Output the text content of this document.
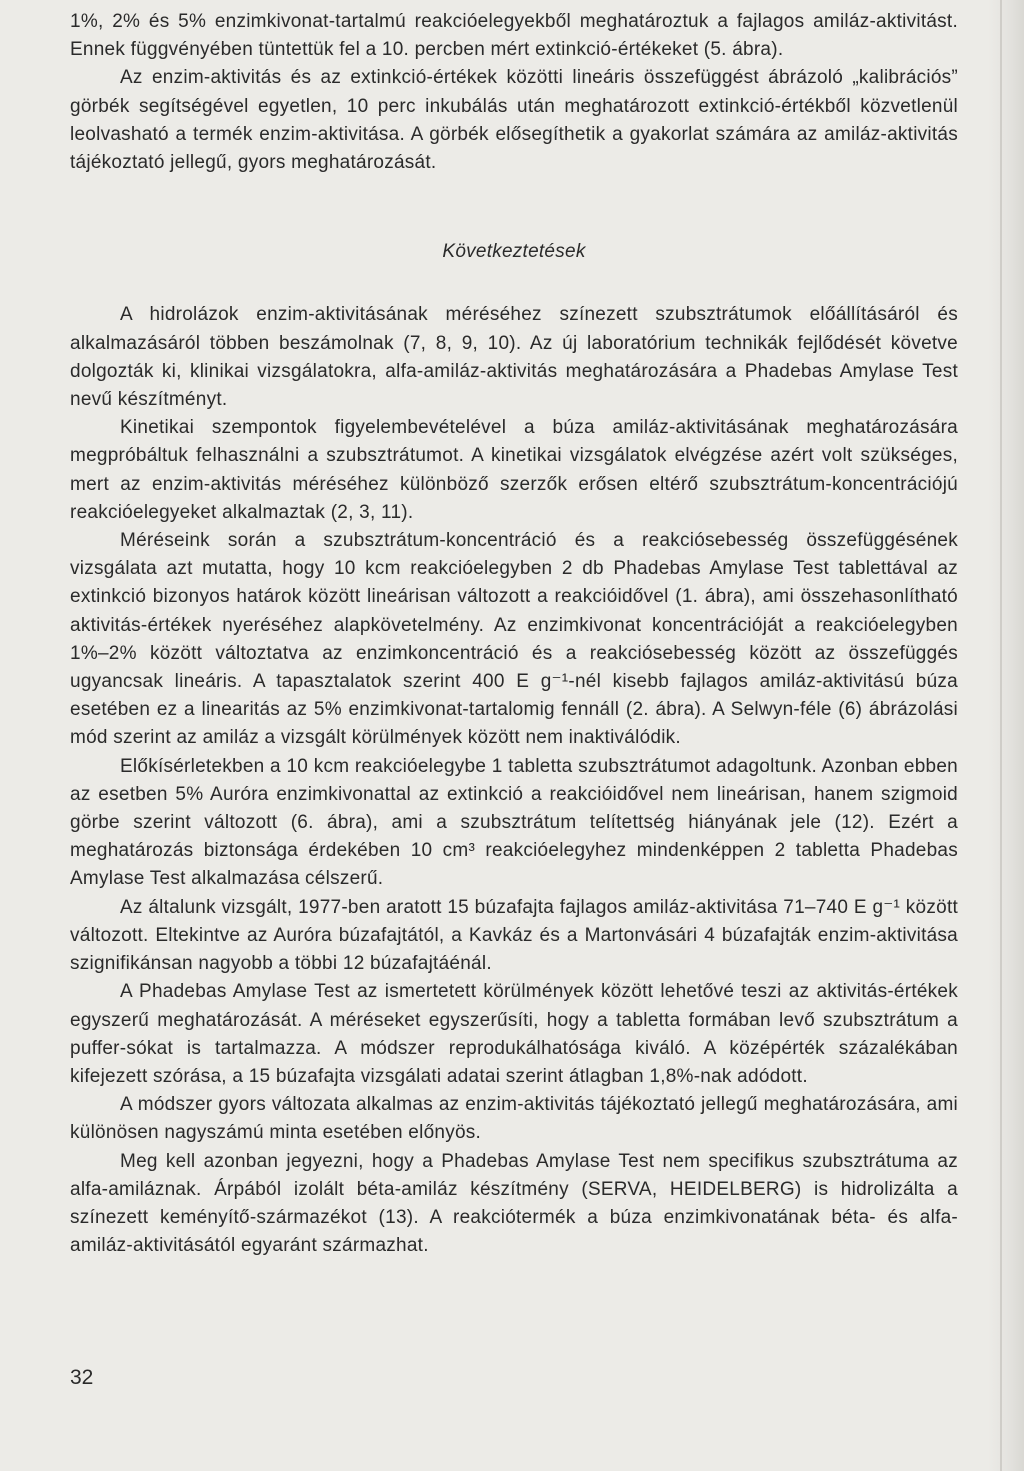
1%, 2% és 5% enzimkivonat-tartalmú reakcióelegyekből meghatároztuk a fajlagos amiláz-aktivitást. Ennek függvényében tüntettük fel a 10. percben mért extinkció-értékeket (5. ábra).

Az enzim-aktivitás és az extinkció-értékek közötti lineáris összefüggést ábrázoló „kalibrációs” görbék segítségével egyetlen, 10 perc inkubálás után meghatározott extinkció-értékből közvetlenül leolvasható a termék enzim-aktivitása. A görbék elősegíthetik a gyakorlat számára az amiláz-aktivitás tájékoztató jellegű, gyors meghatározását.

Következtetések

A hidrolázok enzim-aktivitásának méréséhez színezett szubsztrátumok előállításáról és alkalmazásáról többen beszámolnak (7, 8, 9, 10). Az új laboratórium technikák fejlődését követve dolgozták ki, klinikai vizsgálatokra, alfa-amiláz-aktivitás meghatározására a Phadebas Amylase Test nevű készítményt.

Kinetikai szempontok figyelembevételével a búza amiláz-aktivitásának meghatározására megpróbáltuk felhasználni a szubsztrátumot. A kinetikai vizsgálatok elvégzése azért volt szükséges, mert az enzim-aktivitás méréséhez különböző szerzők erősen eltérő szubsztrátum-koncentrációjú reakcióelegyeket alkalmaztak (2, 3, 11).

Méréseink során a szubsztrátum-koncentráció és a reakciósebesség összefüggésének vizsgálata azt mutatta, hogy 10 kcm reakcióelegyben 2 db Phadebas Amylase Test tablettával az extinkció bizonyos határok között lineárisan változott a reakcióidővel (1. ábra), ami összehasonlítható aktivitás-értékek nyeréséhez alapkövetelmény. Az enzimkivonat koncentrációját a reakcióelegyben 1%–2% között változtatva az enzimkoncentráció és a reakciósebesség között az összefüggés ugyancsak lineáris. A tapasztalatok szerint 400 E g⁻¹-nél kisebb fajlagos amiláz-aktivitású búza esetében ez a linearitás az 5% enzimkivonat-tartalomig fennáll (2. ábra). A Selwyn-féle (6) ábrázolási mód szerint az amiláz a vizsgált körülmények között nem inaktiválódik.

Előkísérletekben a 10 kcm reakcióelegybe 1 tabletta szubsztrátumot adagoltunk. Azonban ebben az esetben 5% Auróra enzimkivonattal az extinkció a reakcióidővel nem lineárisan, hanem szigmoid görbe szerint változott (6. ábra), ami a szubsztrátum telítettség hiányának jele (12). Ezért a meghatározás biztonsága érdekében 10 cm³ reakcióelegyhez mindenképpen 2 tabletta Phadebas Amylase Test alkalmazása célszerű.

Az általunk vizsgált, 1977-ben aratott 15 búzafajta fajlagos amiláz-aktivitása 71–740 E g⁻¹ között változott. Eltekintve az Auróra búzafajtától, a Kavkáz és a Martonvásári 4 búzafajták enzim-aktivitása szignifikánsan nagyobb a többi 12 búzafajtáénál.

A Phadebas Amylase Test az ismertetett körülmények között lehetővé teszi az aktivitás-értékek egyszerű meghatározását. A méréseket egyszerűsíti, hogy a tabletta formában levő szubsztrátum a puffer-sókat is tartalmazza. A módszer reprodukálhatósága kiváló. A középérték százalékában kifejezett szórása, a 15 búzafajta vizsgálati adatai szerint átlagban 1,8%-nak adódott.

A módszer gyors változata alkalmas az enzim-aktivitás tájékoztató jellegű meghatározására, ami különösen nagyszámú minta esetében előnyös.

Meg kell azonban jegyezni, hogy a Phadebas Amylase Test nem specifikus szubsztrátuma az alfa-amiláznak. Árpából izolált béta-amiláz készítmény (SERVA, HEIDELBERG) is hidrolizálta a színezett keményítő-származékot (13). A reakciótermék a búza enzimkivonatának béta- és alfa-amiláz-aktivitásától egyaránt származhat.

32
